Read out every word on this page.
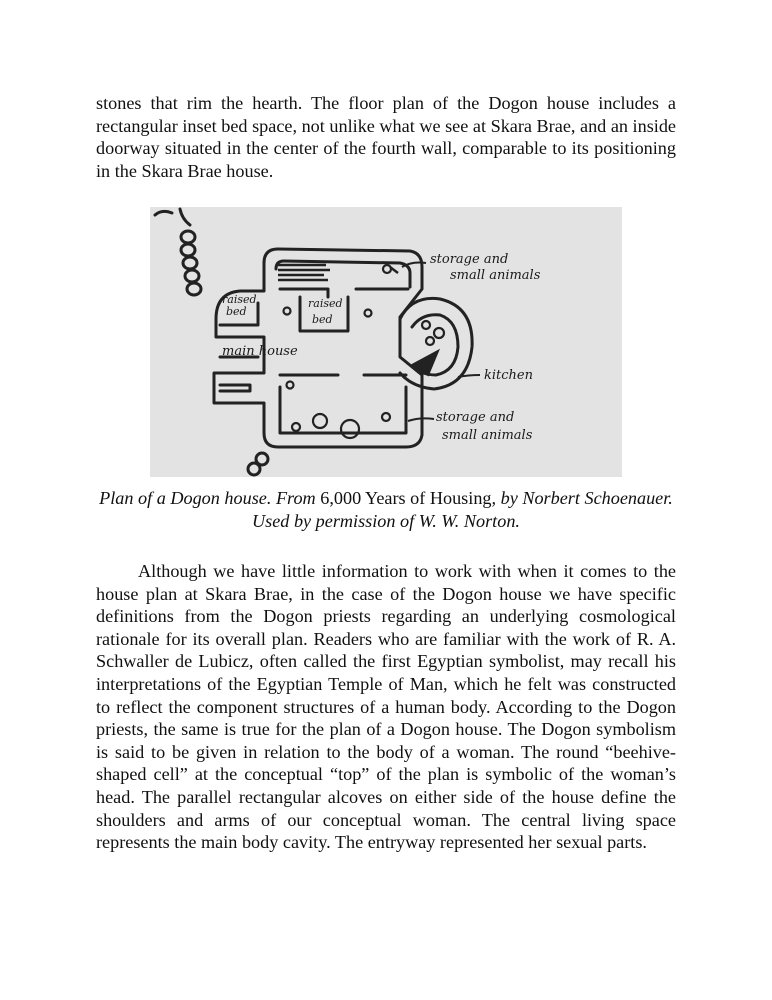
stones that rim the hearth. The floor plan of the Dogon house includes a rectangular inset bed space, not unlike what we see at Skara Brae, and an inside doorway situated in the center of the fourth wall, comparable to its positioning in the Skara Brae house.

storage and
small animals
raised
bed
raised
bed
main house
kitchen
storage and
small animals

Plan of a Dogon house. From 6,000 Years of Housing, by Norbert Schoenauer. Used by permission of W. W. Norton.

Although we have little information to work with when it comes to the house plan at Skara Brae, in the case of the Dogon house we have specific definitions from the Dogon priests regarding an underlying cosmological rationale for its overall plan. Readers who are familiar with the work of R. A. Schwaller de Lubicz, often called the first Egyptian symbolist, may recall his interpretations of the Egyptian Temple of Man, which he felt was constructed to reflect the component structures of a human body. According to the Dogon priests, the same is true for the plan of a Dogon house. The Dogon symbolism is said to be given in relation to the body of a woman. The round “beehive-shaped cell” at the conceptual “top” of the plan is symbolic of the woman’s head. The parallel rectangular alcoves on either side of the house define the shoulders and arms of our conceptual woman. The central living space represents the main body cavity. The entryway represented her sexual parts.
